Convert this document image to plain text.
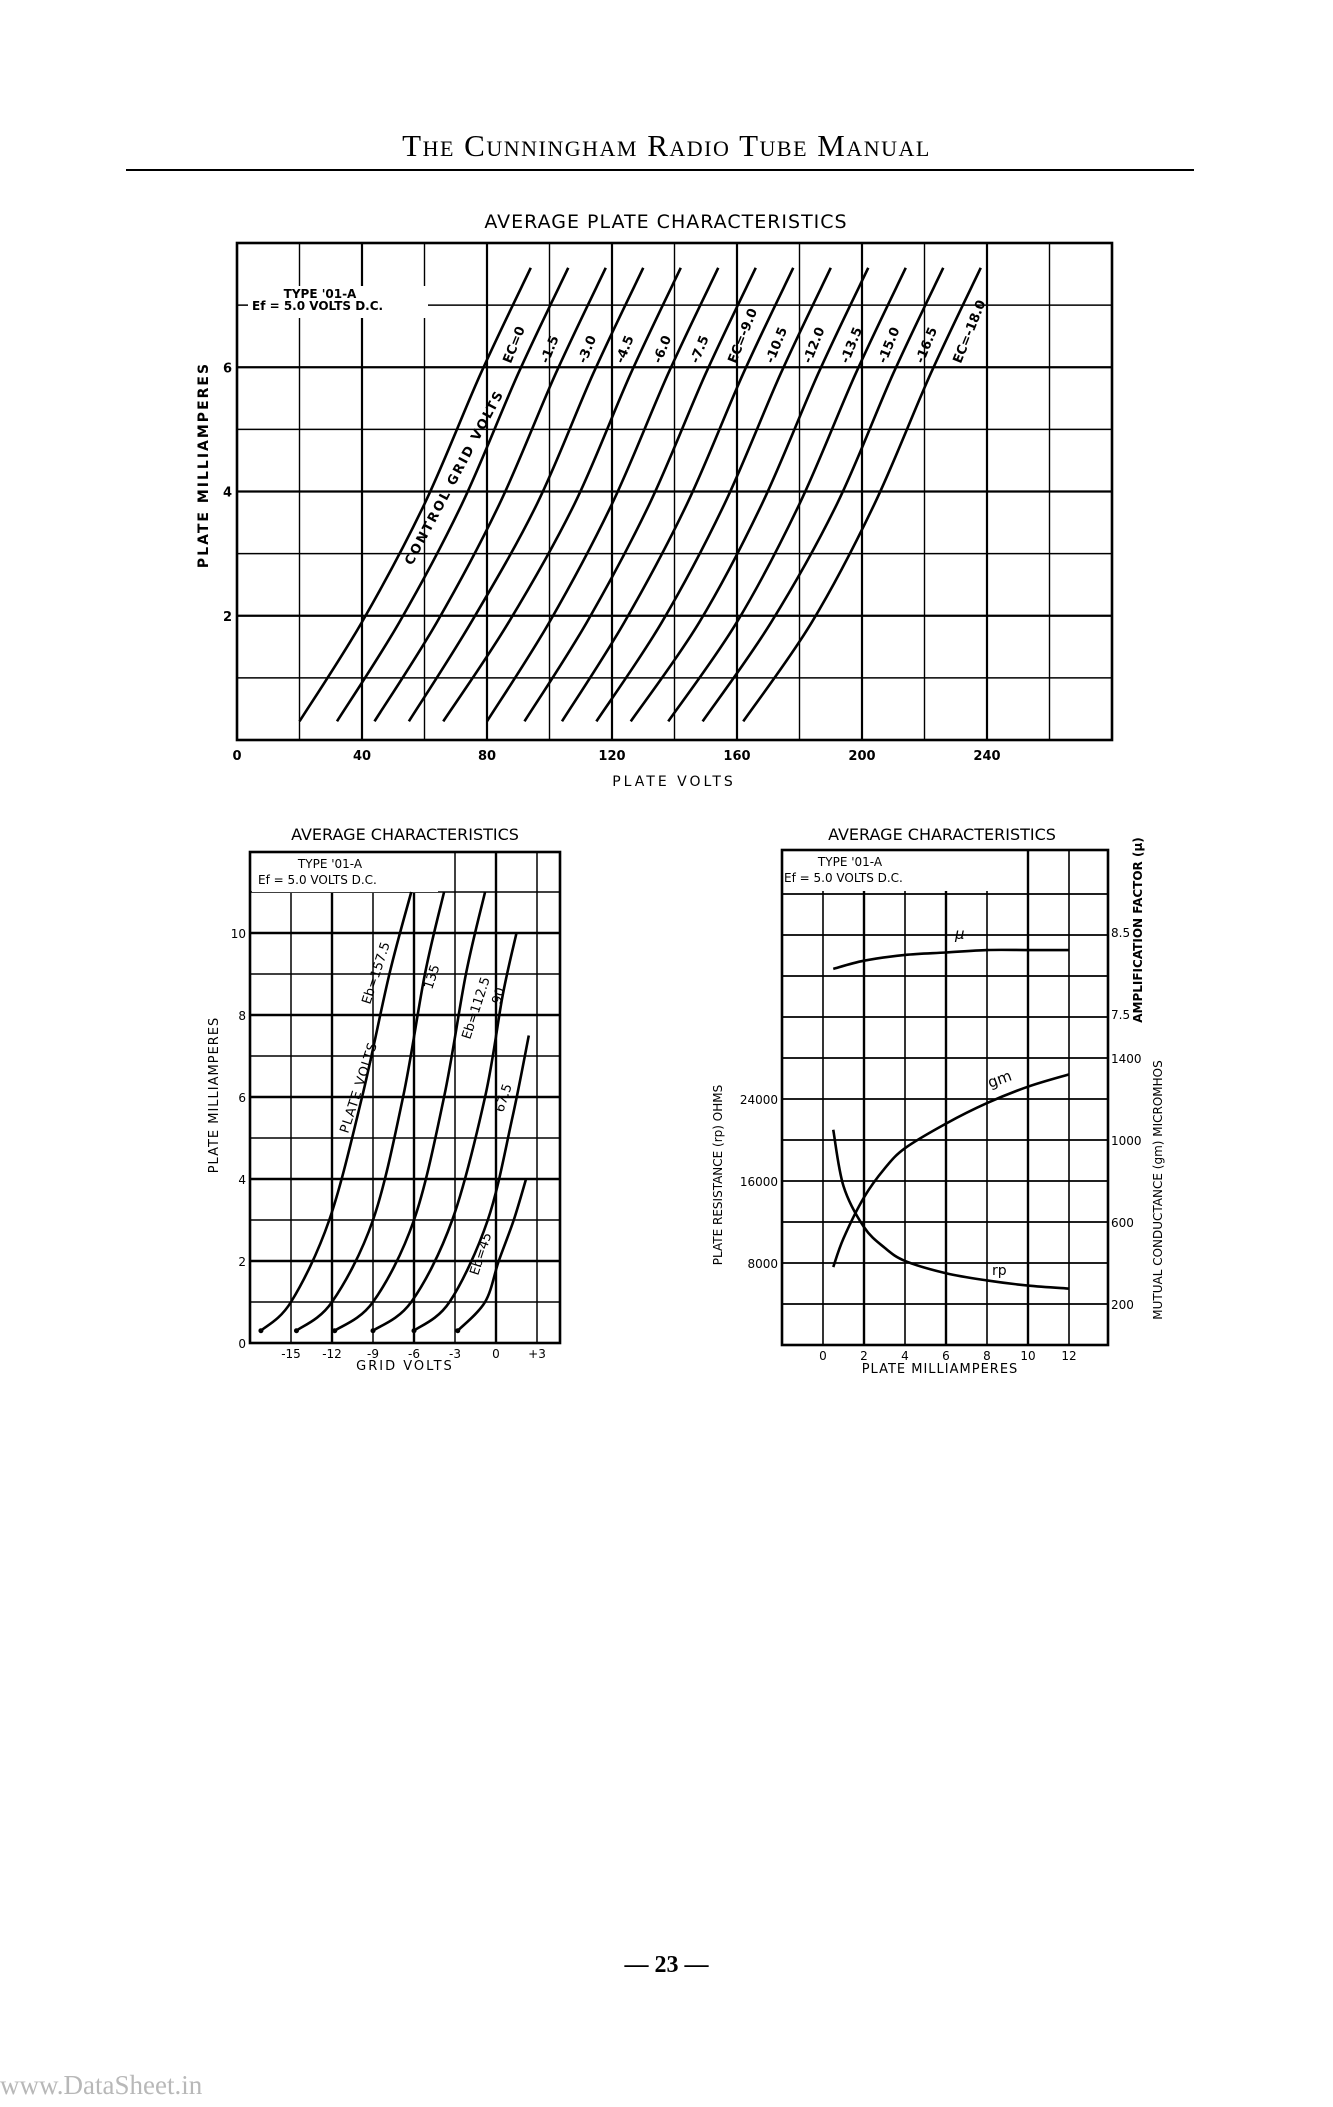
The Cunningham Radio Tube Manual
AVERAGE PLATE CHARACTERISTICS
TYPE '01-A
Ef = 5.0 VOLTS D.C.
0	40	80	120	160	200	240
2
4
6
PLATE VOLTS
PLATE MILLIAMPERES
EC=0 -1.5 -3.0 -4.5 -6.0 -7.5 EC=-9.0 -10.5 -12.0 -13.5 -15.0 -16.5 EC=-18.0
CONTROL GRID VOLTS
AVERAGE CHARACTERISTICS
TYPE '01-A
Ef = 5.0 VOLTS D.C.
-15 -12 -9 -6 -3	0 +3
0
2
4
6
8
10
GRID VOLTS
PLATE MILLIAMPERES
Eb=157.5 135 Eb=112.5
90
67.5
Eb=45
PLATE VOLTS
AVERAGE CHARACTERISTICS
TYPE '01-A
Ef = 5.0 VOLTS D.C.
0	2	4	6	8 10 12
PLATE MILLIAMPERES
8000
16000
24000
7.5
8.5
200
600
1000
1400
PLATE RESISTANCE (rp) OHMS
AMPLIFICATION FACTOR (μ)
MUTUAL CONDUCTANCE (gm) MICROMHOS
μ
gm
rp
— 23 —
www.DataSheet.in
